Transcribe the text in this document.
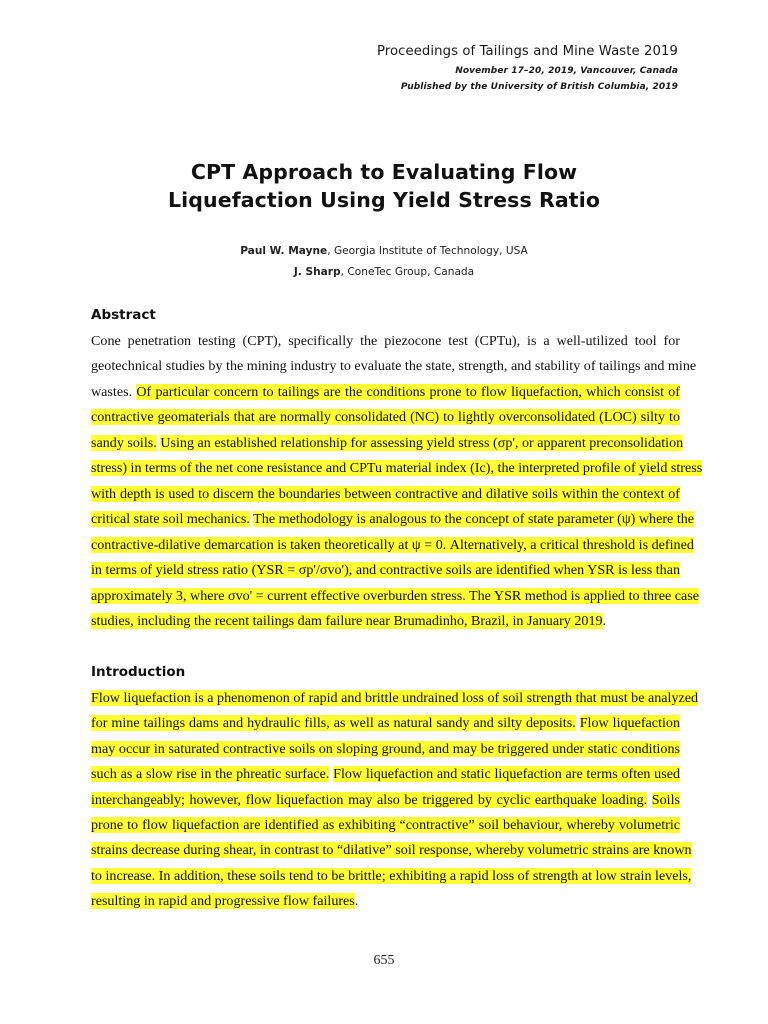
Proceedings of Tailings and Mine Waste 2019
November 17–20, 2019, Vancouver, Canada
Published by the University of British Columbia, 2019
CPT Approach to Evaluating Flow
Liquefaction Using Yield Stress Ratio
Paul W. Mayne, Georgia Institute of Technology, USA
J. Sharp, ConeTec Group, Canada
Abstract
Cone penetration testing (CPT), specifically the piezocone test (CPTu), is a well-utilized tool for
geotechnical studies by the mining industry to evaluate the state, strength, and stability of tailings and mine
wastes. Of particular concern to tailings are the conditions prone to flow liquefaction, which consist of
contractive geomaterials that are normally consolidated (NC) to lightly overconsolidated (LOC) silty to
sandy soils. Using an established relationship for assessing yield stress (σp', or apparent preconsolidation
stress) in terms of the net cone resistance and CPTu material index (Ic), the interpreted profile of yield stress
with depth is used to discern the boundaries between contractive and dilative soils within the context of
critical state soil mechanics. The methodology is analogous to the concept of state parameter (ψ) where the
contractive-dilative demarcation is taken theoretically at ψ = 0. Alternatively, a critical threshold is defined
in terms of yield stress ratio (YSR = σp'/σvo'), and contractive soils are identified when YSR is less than
approximately 3, where σvo' = current effective overburden stress. The YSR method is applied to three case
studies, including the recent tailings dam failure near Brumadinho, Brazil, in January 2019.
Introduction
Flow liquefaction is a phenomenon of rapid and brittle undrained loss of soil strength that must be analyzed
for mine tailings dams and hydraulic fills, as well as natural sandy and silty deposits. Flow liquefaction
may occur in saturated contractive soils on sloping ground, and may be triggered under static conditions
such as a slow rise in the phreatic surface. Flow liquefaction and static liquefaction are terms often used
interchangeably; however, flow liquefaction may also be triggered by cyclic earthquake loading. Soils
prone to flow liquefaction are identified as exhibiting “contractive” soil behaviour, whereby volumetric
strains decrease during shear, in contrast to “dilative” soil response, whereby volumetric strains are known
to increase. In addition, these soils tend to be brittle; exhibiting a rapid loss of strength at low strain levels,
resulting in rapid and progressive flow failures.
655
